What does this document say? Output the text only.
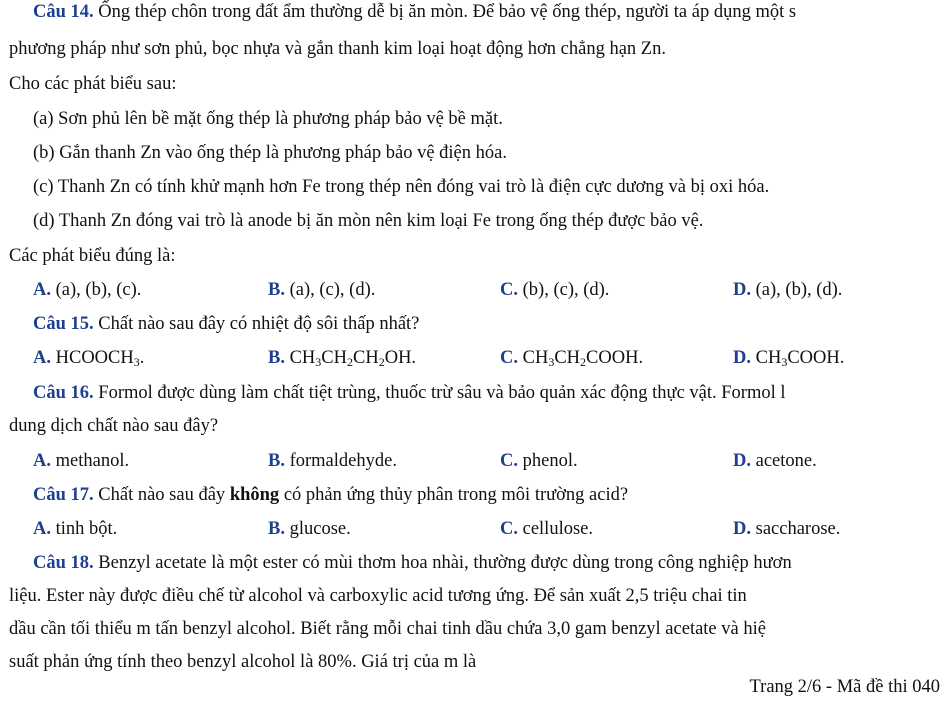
Câu 14. Ống thép chôn trong đất ẩm thường dễ bị ăn mòn. Để bảo vệ ống thép, người ta áp dụng một s
phương pháp như sơn phủ, bọc nhựa và gắn thanh kim loại hoạt động hơn chẳng hạn Zn.
Cho các phát biểu sau:
(a) Sơn phủ lên bề mặt ống thép là phương pháp bảo vệ bề mặt.
(b) Gắn thanh Zn vào ống thép là phương pháp bảo vệ điện hóa.
(c) Thanh Zn có tính khử mạnh hơn Fe trong thép nên đóng vai trò là điện cực dương và bị oxi hóa.
(d) Thanh Zn đóng vai trò là anode bị ăn mòn nên kim loại Fe trong ống thép được bảo vệ.
Các phát biểu đúng là:
A. (a), (b), (c).	B. (a), (c), (d).	C. (b), (c), (d).	D. (a), (b), (d).
Câu 15. Chất nào sau đây có nhiệt độ sôi thấp nhất?
A. $HCOOCH_3$.	B. $CH_3CH_2CH_2OH$.	C. $CH_3CH_2COOH$.	D. $CH_3COOH$.
Câu 16. Formol được dùng làm chất tiệt trùng, thuốc trừ sâu và bảo quản xác động thực vật. Formol l
dung dịch chất nào sau đây?
A. methanol.	B. formaldehyde.	C. phenol.	D. acetone.
Câu 17. Chất nào sau đây không có phản ứng thủy phân trong môi trường acid?
A. tinh bột.	B. glucose.	C. cellulose.	D. saccharose.
Câu 18. Benzyl acetate là một ester có mùi thơm hoa nhài, thường được dùng trong công nghiệp hươn
liệu. Ester này được điều chế từ alcohol và carboxylic acid tương ứng. Để sản xuất 2,5 triệu chai tin
dầu cần tối thiểu m tấn benzyl alcohol. Biết rằng mỗi chai tinh dầu chứa 3,0 gam benzyl acetate và hiệ
suất phản ứng tính theo benzyl alcohol là 80%. Giá trị của m là
Trang 2/6 - Mã đề thi 040
